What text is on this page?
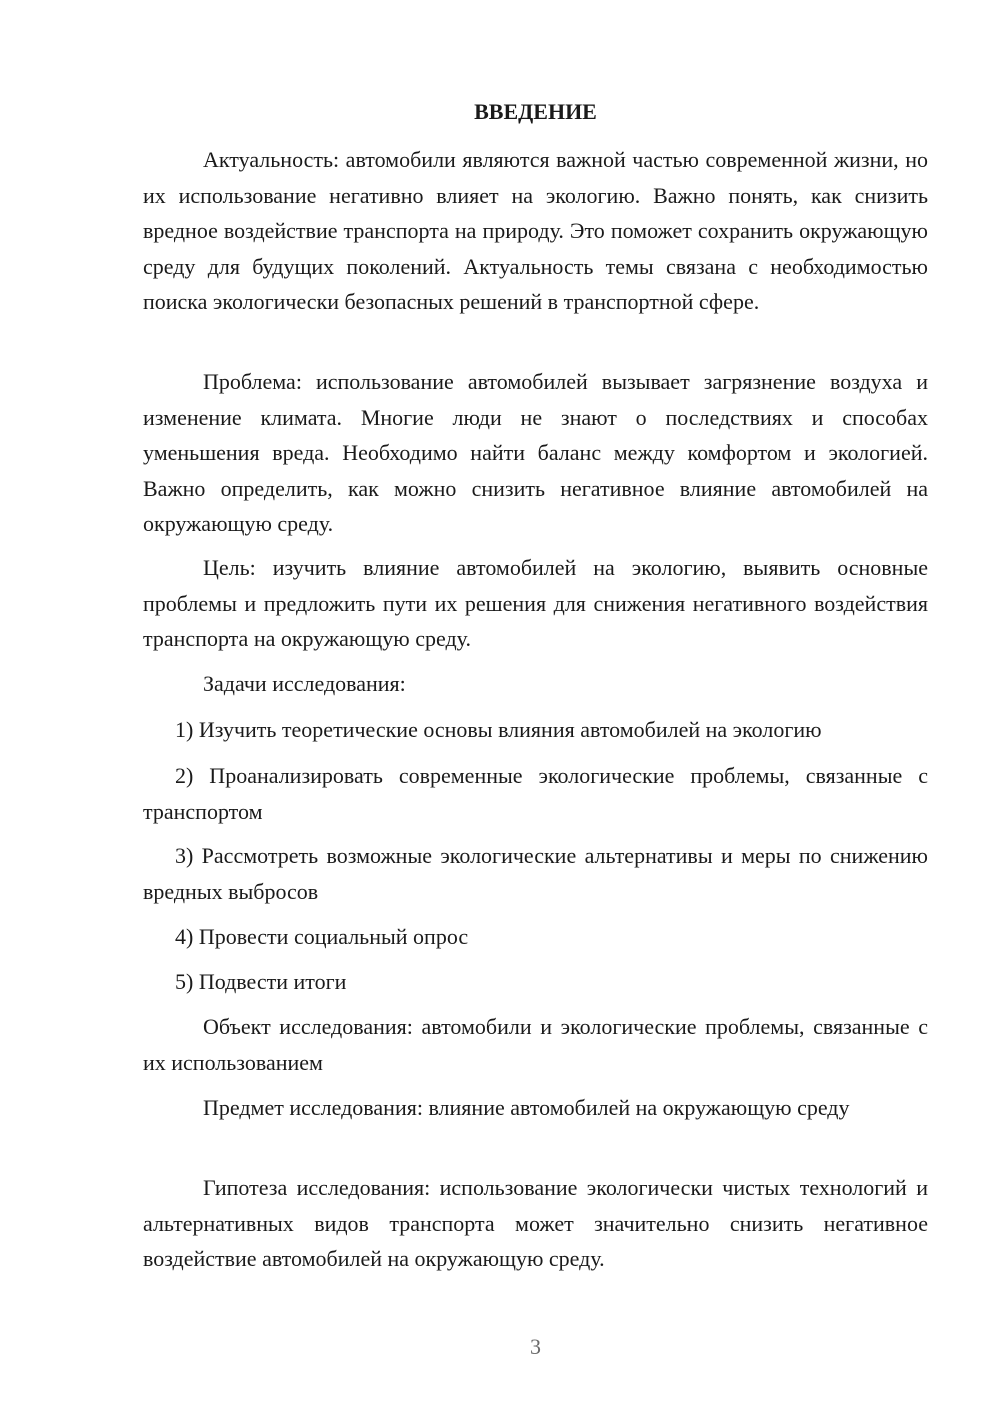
ВВЕДЕНИЕ

Актуальность: автомобили являются важной частью современной жизни, но их использование негативно влияет на экологию. Важно понять, как снизить вредное воздействие транспорта на природу. Это поможет сохранить окружающую среду для будущих поколений. Актуальность темы связана с необходимостью поиска экологически безопасных решений в транспортной сфере.

Проблема: использование автомобилей вызывает загрязнение воздуха и изменение климата. Многие люди не знают о последствиях и способах уменьшения вреда. Необходимо найти баланс между комфортом и экологией. Важно определить, как можно снизить негативное влияние автомобилей на окружающую среду.

Цель: изучить влияние автомобилей на экологию, выявить основные проблемы и предложить пути их решения для снижения негативного воздействия транспорта на окружающую среду.

Задачи исследования:

1) Изучить теоретические основы влияния автомобилей на экологию

2) Проанализировать современные экологические проблемы, связанные с транспортом

3) Рассмотреть возможные экологические альтернативы и меры по снижению вредных выбросов

4) Провести социальный опрос

5) Подвести итоги

Объект исследования: автомобили и экологические проблемы, связанные с их использованием

Предмет исследования: влияние автомобилей на окружающую среду

Гипотеза исследования: использование экологически чистых технологий и альтернативных видов транспорта может значительно снизить негативное воздействие автомобилей на окружающую среду.

3
